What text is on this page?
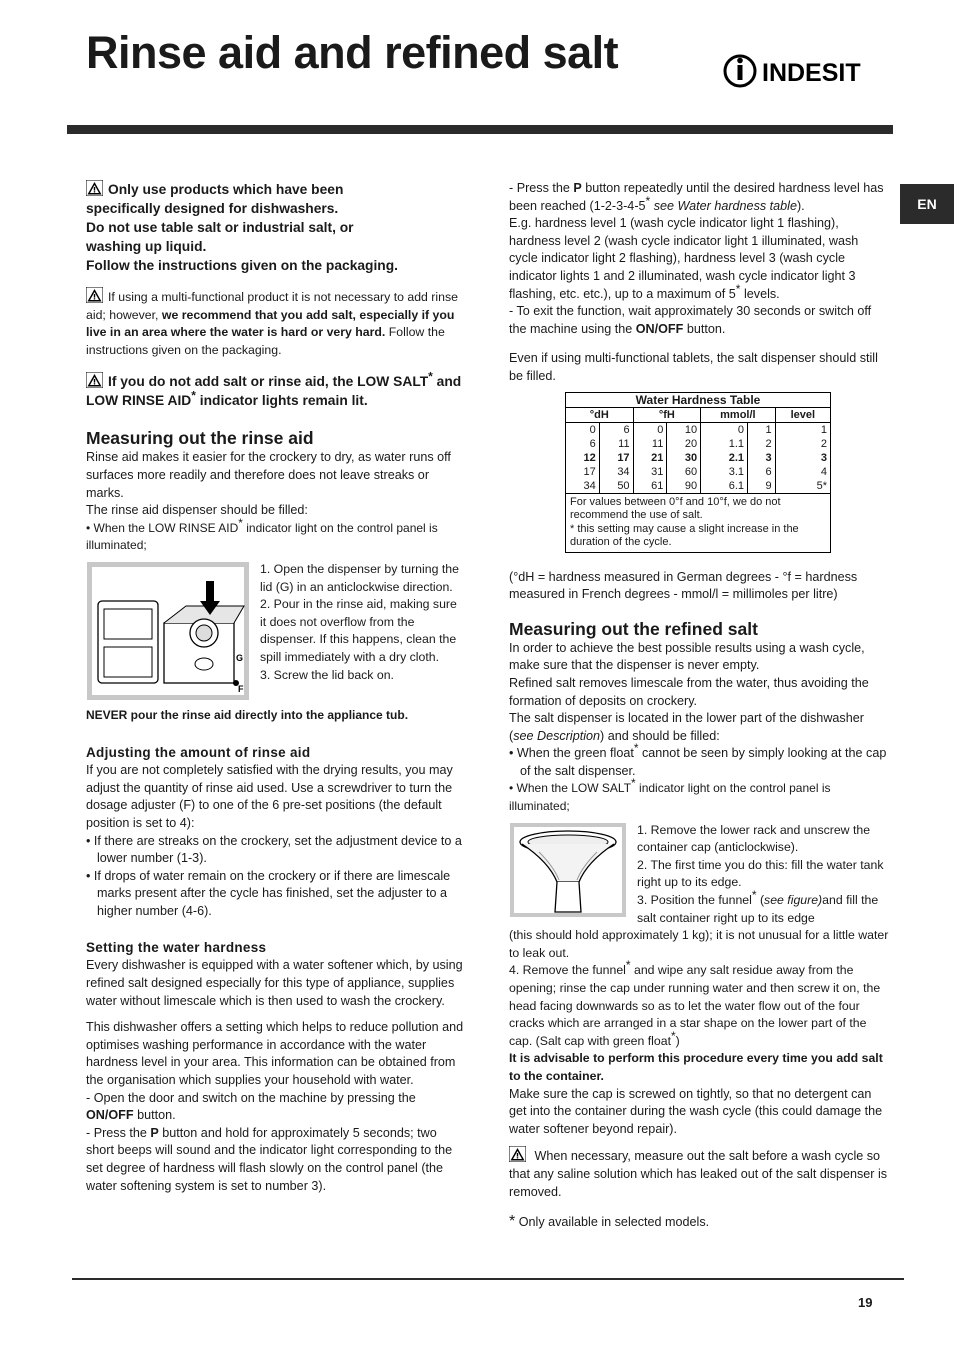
Rinse aid and refined salt	INDESIT
EN
Only use products which have been
specifically designed for dishwashers.
Do not use table salt or industrial salt, or
washing up liquid.
Follow the instructions given on the packaging.

If using a multi-functional product it is not necessary to add rinse aid; however, we recommend that you add salt, especially if you live in an area where the water is hard or very hard. Follow the instructions given on the packaging.

If you do not add salt or rinse aid, the LOW SALT* and LOW RINSE AID* indicator lights remain lit.

Measuring out the rinse aid

Rinse aid makes it easier for the crockery to dry, as water runs off surfaces more readily and therefore does not leave streaks or marks.

The rinse aid dispenser should be filled:

• When the LOW RINSE AID* indicator light on the control panel is illuminated;

G
F

1. Open the dispenser by turning the lid (G) in an anticlockwise direction.

2. Pour in the rinse aid, making sure it does not overflow from the dispenser. If this happens, clean the spill immediately with a dry cloth.

3. Screw the lid back on.

NEVER pour the rinse aid directly into the appliance tub.

Adjusting the amount of rinse aid

If you are not completely satisfied with the drying results, you may adjust the quantity of rinse aid used. Use a screwdriver to turn the dosage adjuster (F) to one of the 6 pre-set positions (the default position is set to 4):

• If there are streaks on the crockery, set the adjustment device to a lower number (1-3).

• If drops of water remain on the crockery or if there are limescale marks present after the cycle has finished, set the adjuster to a higher number (4-6).

Setting the water hardness

Every dishwasher is equipped with a water softener which, by using refined salt designed especially for this type of appliance, supplies water without limescale which is then used to wash the crockery.

This dishwasher offers a setting which helps to reduce pollution and optimises washing performance in accordance with the water hardness level in your area. This information can be obtained from the organisation which supplies your household with water.

- Open the door and switch on the machine by pressing the ON/OFF button.

- Press the P button and hold for approximately 5 seconds; two short beeps will sound and the indicator light corresponding to the set degree of hardness will flash slowly on the control panel (the water softening system is set to number 3).

- Press the P button repeatedly until the desired hardness level has been reached (1-2-3-4-5* see Water hardness table).

E.g. hardness level 1 (wash cycle indicator light 1 flashing), hardness level 2 (wash cycle indicator light 1 illuminated, wash cycle indicator light 2 flashing), hardness level 3 (wash cycle indicator lights 1 and 2 illuminated, wash cycle indicator light 3 flashing, etc. etc.), up to a maximum of 5* levels.

- To exit the function, wait approximately 30 seconds or switch off the machine using the ON/OFF button.

Even if using multi-functional tablets, the salt dispenser should still be filled.

Water Hardness Table						
°dH		°fH		mmol/l		level
0	6	0	10	0	1	1
6	11	11	20	1.1	2	2
12	17	21	30	2.1	3	3
17	34	31	60	3.1	6	4
34	50	61	90	6.1	9	5*

For values between 0°f and 10°f, we do not recommend the use of salt.
* this setting may cause a slight increase in the duration of the cycle.						

(°dH = hardness measured in German degrees - °f = hardness measured in French degrees - mmol/l = millimoles per litre)

Measuring out the refined salt

In order to achieve the best possible results using a wash cycle, make sure that the dispenser is never empty.

Refined salt removes limescale from the water, thus avoiding the formation of deposits on crockery.

The salt dispenser is located in the lower part of the dishwasher (see Description) and should be filled:

• When the green float* cannot be seen by simply looking at the cap of the salt dispenser.

• When the LOW SALT* indicator light on the control panel is illuminated;

1. Remove the lower rack and unscrew the container cap (anticlockwise).

2. The first time you do this: fill the water tank right up to its edge.

3. Position the funnel* (see figure)and fill the salt container right up to its edge

(this should hold approximately 1 kg); it is not unusual for a little water to leak out.

4. Remove the funnel* and wipe any salt residue away from the opening; rinse the cap under running water and then screw it on, the head facing downwards so as to let the water flow out of the four cracks which are arranged in a star shape on the lower part of the cap. (Salt cap with green float*)

It is advisable to perform this procedure every time you add salt to the container.

Make sure the cap is screwed on tightly, so that no detergent can get into the container during the wash cycle (this could damage the water softener beyond repair).

When necessary, measure out the salt before a wash cycle so that any saline solution which has leaked out of the salt dispenser is removed.

* Only available in selected models.

19
